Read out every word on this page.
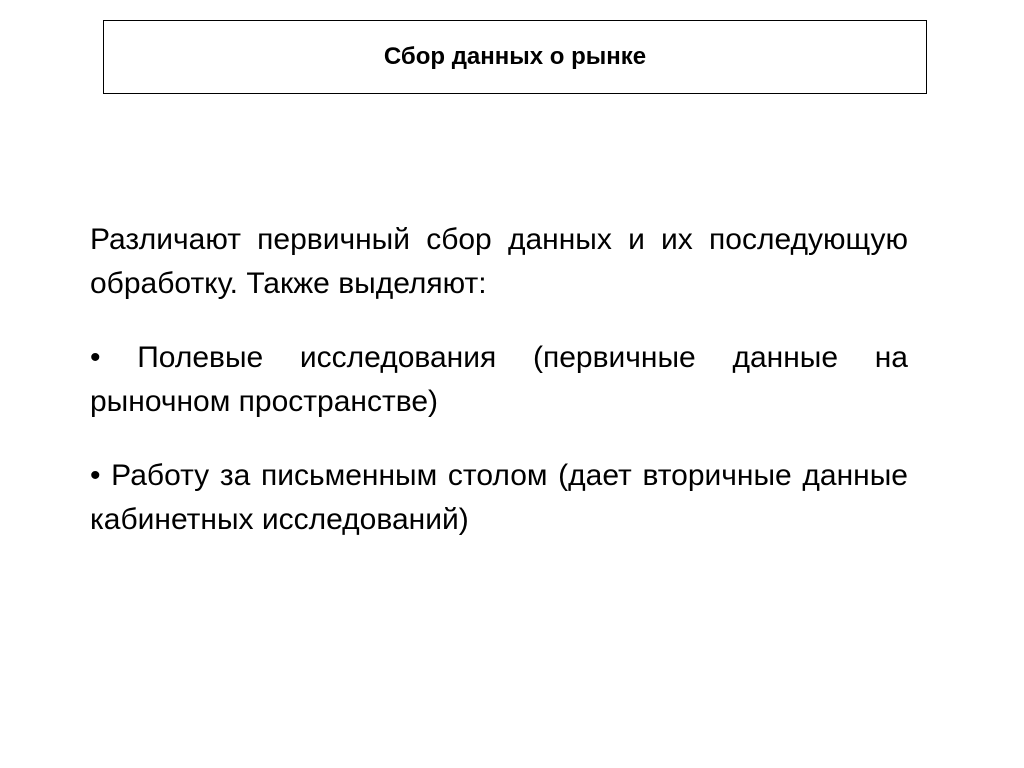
Сбор данных о рынке

Различают первичный сбор данных и их последующую обработку. Также выделяют:

• Полевые исследования (первичные данные на рыночном пространстве)

• Работу за письменным столом (дает вторичные данные кабинетных исследований)
